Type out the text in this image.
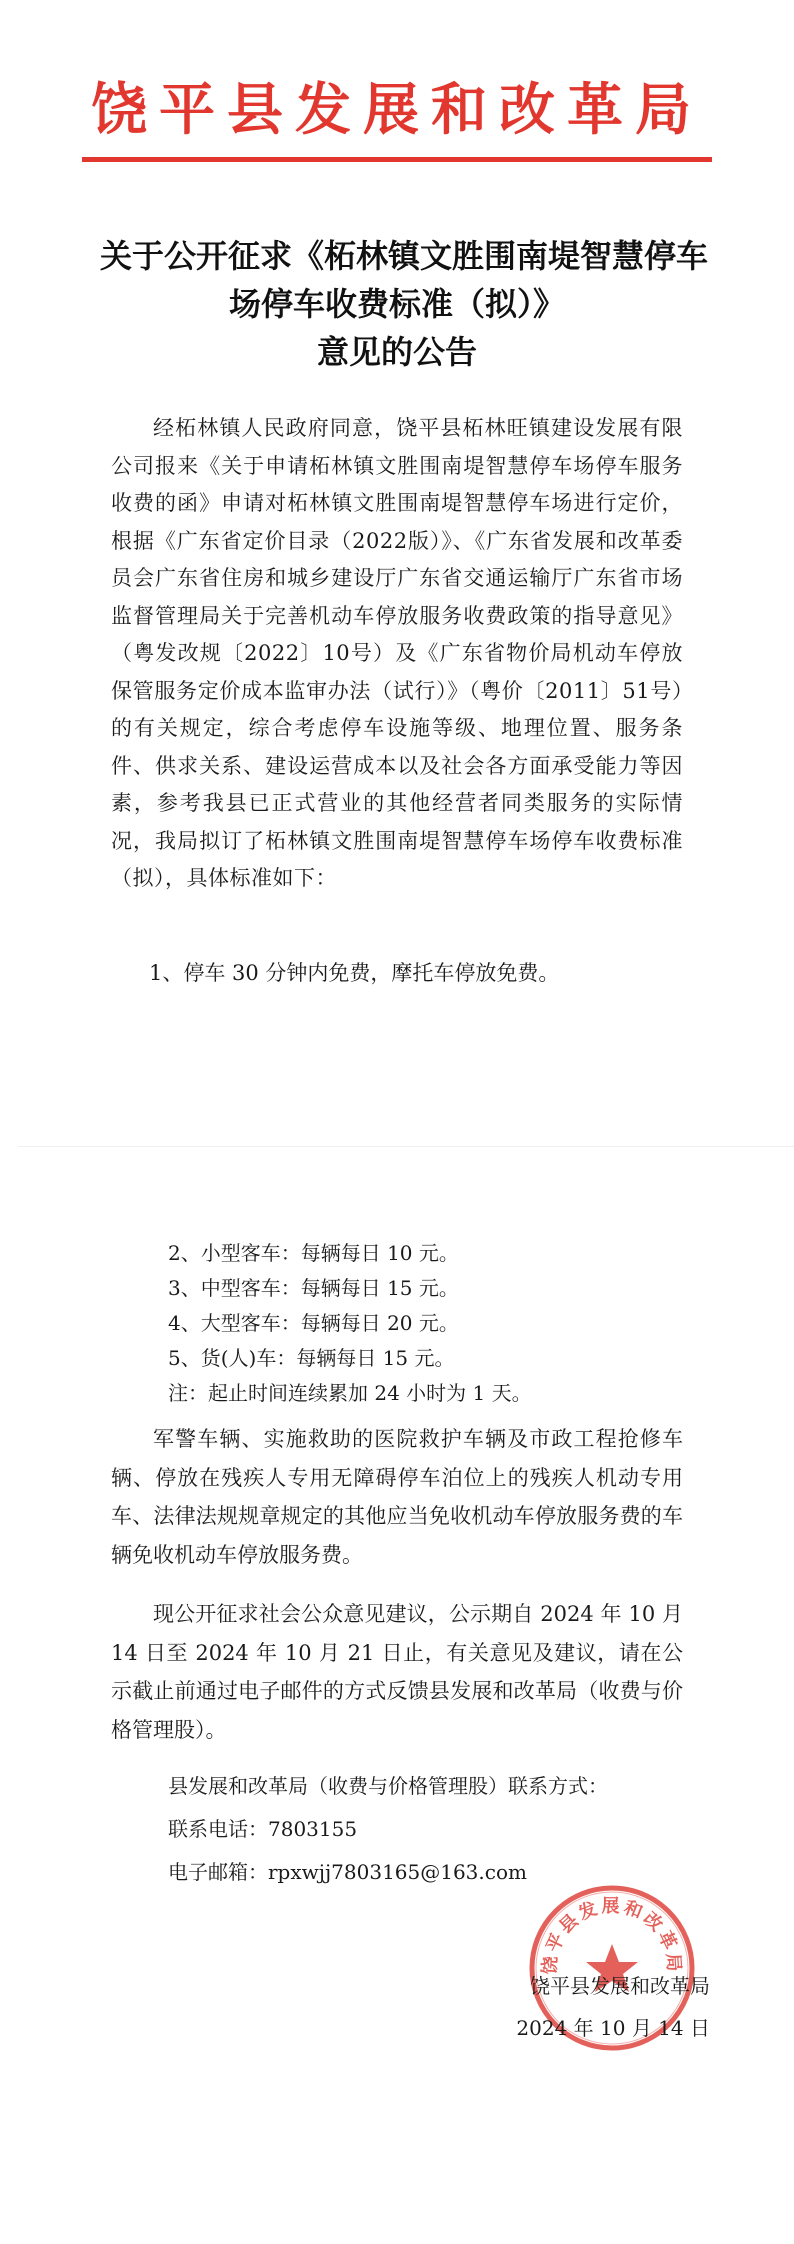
饶平县发展和改革局
关于公开征求《柘林镇文胜围南堤智慧停车
场停车收费标准（拟）》
意见的公告
经柘林镇人民政府同意，饶平县柘林旺镇建设发展有限公司报来《关于申请柘林镇文胜围南堤智慧停车场停车服务收费的函》申请对柘林镇文胜围南堤智慧停车场进行定价，根据《广东省定价目录（2022版）》、《广东省发展和改革委员会广东省住房和城乡建设厅广东省交通运输厅广东省市场监督管理局关于完善机动车停放服务收费政策的指导意见》（粤发改规〔2022〕10号）及《广东省物价局机动车停放保管服务定价成本监审办法（试行）》（粤价〔2011〕51号）的有关规定，综合考虑停车设施等级、地理位置、服务条件、供求关系、建设运营成本以及社会各方面承受能力等因素，参考我县已正式营业的其他经营者同类服务的实际情况，我局拟订了柘林镇文胜围南堤智慧停车场停车收费标准（拟），具体标准如下：
1、停车 30 分钟内免费，摩托车停放免费。
2、小型客车：每辆每日 10 元。
3、中型客车：每辆每日 15 元。
4、大型客车：每辆每日 20 元。
5、货(人)车：每辆每日 15 元。
注：起止时间连续累加 24 小时为 1 天。
军警车辆、实施救助的医院救护车辆及市政工程抢修车辆、停放在残疾人专用无障碍停车泊位上的残疾人机动专用车、法律法规规章规定的其他应当免收机动车停放服务费的车辆免收机动车停放服务费。
现公开征求社会公众意见建议，公示期自 2024 年 10 月 14 日至 2024 年 10 月 21 日止，有关意见及建议，请在公示截止前通过电子邮件的方式反馈县发展和改革局（收费与价格管理股）。
县发展和改革局（收费与价格管理股）联系方式：
联系电话：7803155
电子邮箱：rpxwjj7803165@163.com
饶平县发展和改革局
饶平县发展和改革局
2024 年 10 月 14 日
